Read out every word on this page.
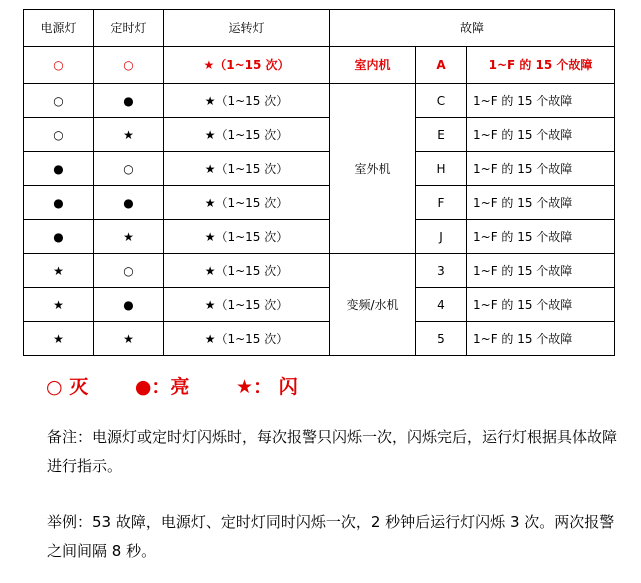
电源灯	定时灯	运转灯	故障		
○	○	★（1~15 次）	室内机	A	1~F 的 15 个故障
○	●	★（1~15 次）	室外机	C	1~F 的 15 个故障
○	★	★（1~15 次）		E	1~F 的 15 个故障
●	○	★（1~15 次）		H	1~F 的 15 个故障
●	●	★（1~15 次）		F	1~F 的 15 个故障
●	★	★（1~15 次）		J	1~F 的 15 个故障
★	○	★（1~15 次）	变频/水机	3	1~F 的 15 个故障
★	●	★（1~15 次）		4	1~F 的 15 个故障
★	★	★（1~15 次）		5	1~F 的 15 个故障
○ 灭 ●：亮 ★： 闪
备注：电源灯或定时灯闪烁时，每次报警只闪烁一次，闪烁完后，运行灯根据具体故障进行指示。
举例：53 故障，电源灯、定时灯同时闪烁一次，2 秒钟后运行灯闪烁 3 次。两次报警之间间隔 8 秒。
